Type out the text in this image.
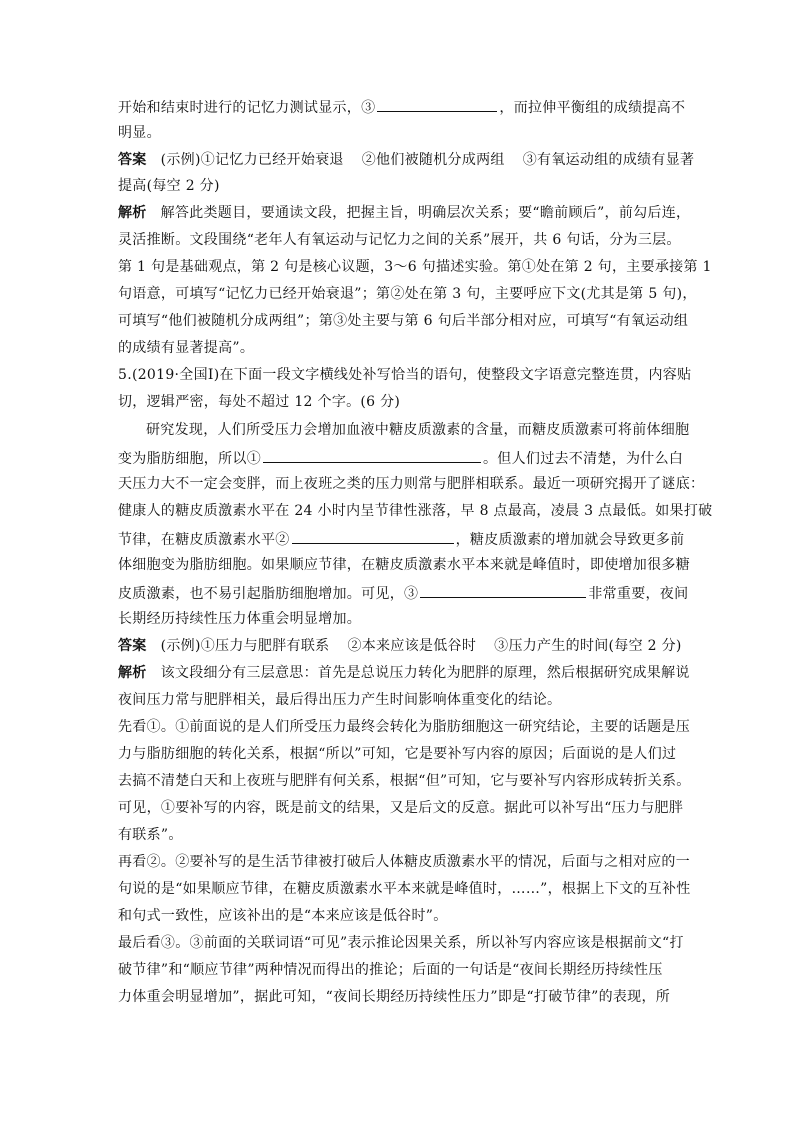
开始和结束时进行的记忆力测试显示，③	，而拉伸平衡组的成绩提高不
明显。
答案 (示例)①记忆力已经开始衰退 ②他们被随机分成两组 ③有氧运动组的成绩有显著
提高(每空 2 分)
解析 解答此类题目，要通读文段，把握主旨，明确层次关系；要“瞻前顾后”，前勾后连，
灵活推断。文段围绕“老年人有氧运动与记忆力之间的关系”展开，共 6 句话，分为三层。
第 1 句是基础观点，第 2 句是核心议题，3～6 句描述实验。第①处在第 2 句，主要承接第 1
句语意，可填写“记忆力已经开始衰退”；第②处在第 3 句，主要呼应下文(尤其是第 5 句)，
可填写“他们被随机分成两组”；第③处主要与第 6 句后半部分相对应，可填写“有氧运动组
的成绩有显著提高”。
5.(2019·全国Ⅰ)在下面一段文字横线处补写恰当的语句，使整段文字语意完整连贯，内容贴
切，逻辑严密，每处不超过 12 个字。(6 分)
研究发现，人们所受压力会增加血液中糖皮质激素的含量，而糖皮质激素可将前体细胞
变为脂肪细胞，所以①	。但人们过去不清楚，为什么白
天压力大不一定会变胖，而上夜班之类的压力则常与肥胖相联系。最近一项研究揭开了谜底：
健康人的糖皮质激素水平在 24 小时内呈节律性涨落，早 8 点最高，凌晨 3 点最低。如果打破
节律，在糖皮质激素水平②	，糖皮质激素的增加就会导致更多前
体细胞变为脂肪细胞。如果顺应节律，在糖皮质激素水平本来就是峰值时，即使增加很多糖
皮质激素，也不易引起脂肪细胞增加。可见，③	非常重要，夜间
长期经历持续性压力体重会明显增加。
答案 (示例)①压力与肥胖有联系 ②本来应该是低谷时 ③压力产生的时间(每空 2 分)
解析 该文段细分有三层意思：首先是总说压力转化为肥胖的原理，然后根据研究成果解说
夜间压力常与肥胖相关，最后得出压力产生时间影响体重变化的结论。
先看①。①前面说的是人们所受压力最终会转化为脂肪细胞这一研究结论，主要的话题是压
力与脂肪细胞的转化关系，根据“所以”可知，它是要补写内容的原因；后面说的是人们过
去搞不清楚白天和上夜班与肥胖有何关系，根据“但”可知，它与要补写内容形成转折关系。
可见，①要补写的内容，既是前文的结果，又是后文的反意。据此可以补写出“压力与肥胖
有联系”。
再看②。②要补写的是生活节律被打破后人体糖皮质激素水平的情况，后面与之相对应的一
句说的是“如果顺应节律，在糖皮质激素水平本来就是峰值时，……”，根据上下文的互补性
和句式一致性，应该补出的是“本来应该是低谷时”。
最后看③。③前面的关联词语“可见”表示推论因果关系，所以补写内容应该是根据前文“打
破节律”和“顺应节律”两种情况而得出的推论；后面的一句话是“夜间长期经历持续性压
力体重会明显增加”，据此可知，“夜间长期经历持续性压力”即是“打破节律”的表现，所
